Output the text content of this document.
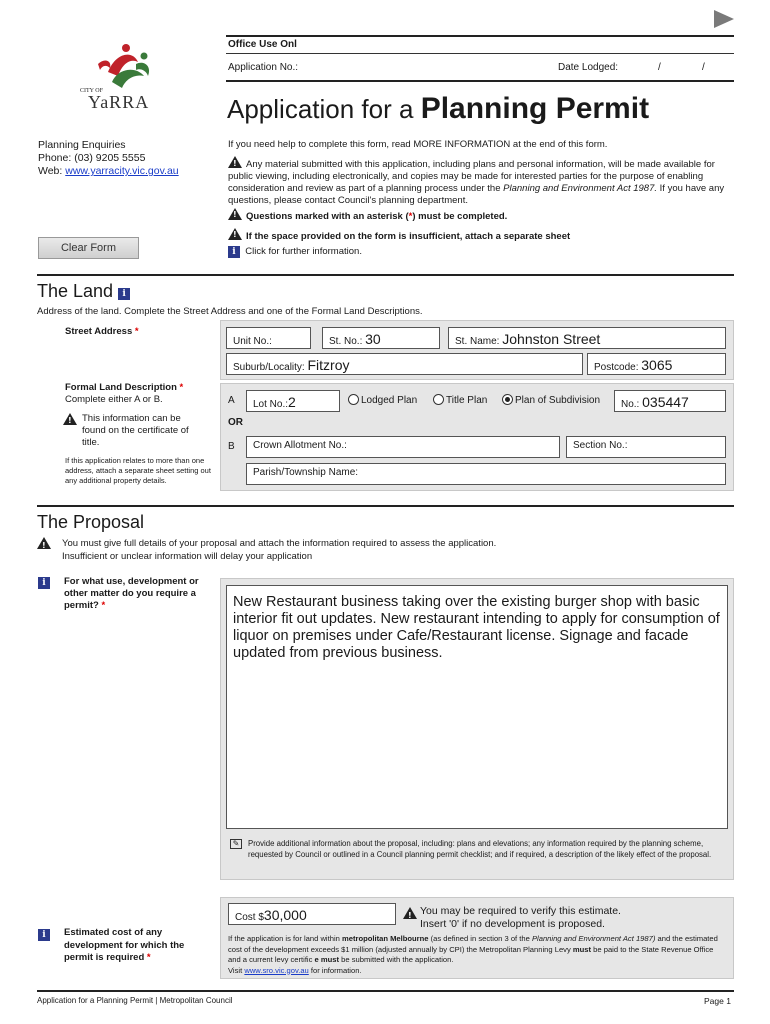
Office Use Onl
Application No.:	Date Lodged:	/	/
CITY OF
YaRRA	Application for a Planning Permit
Planning Enquiries
Phone: (03) 9205 5555
Web: www.yarracity.vic.gov.au
If you need help to complete this form, read MORE INFORMATION at the end of this form.
!Any material submitted with this application, including plans and personal information, will be made available for public viewing, including electronically, and copies may be made for interested parties for the purpose of enabling consideration and review as part of a planning process under the Planning and Environment Act 1987. If you have any questions, please contact Council's planning department.
!Questions marked with an asterisk (*) must be completed.
!If the space provided on the form is insufficient, attach a separate sheet
i Click for further information.
Clear Form
The Land i
Address of the land. Complete the Street Address and one of the Formal Land Descriptions.
Street Address *
Unit No.:	St. No.: 30	St. Name: Johnston Street
Suburb/Locality: Fitzroy	Postcode: 3065
Formal Land Description *
Complete either A or B.
!
This information can be found on the certificate of title.
If this application relates to more than one address, attach a separate sheet setting out any additional property details.
A	Lot No.:2	Lodged Plan	Title Plan	Plan of Subdivision	No.: 035447
OR
B	Crown Allotment No.:	Section No.:
Parish/Township Name:
The Proposal
!
You must give full details of your proposal and attach the information required to assess the application.
Insufficient or unclear information will delay your application
i	For what use, development or other matter do you require a permit? *	New Restaurant business taking over the existing burger shop with basic interior fit out updates. New restaurant intending to apply for consumption of liquor on premises under Cafe/Restaurant license. Signage and facade updated from previous business.
✎	Provide additional information about the proposal, including: plans and elevations; any information required by the planning scheme, requested by Council or outlined in a Council planning permit checklist; and if required, a description of the likely effect of the proposal.
i	Estimated cost of any development for which the permit is required *
Cost $30,000
!	You may be required to verify this estimate.
Insert '0' if no development is proposed.
If the application is for land within metropolitan Melbourne (as defined in section 3 of the Planning and Environment Act 1987) and the estimated cost of the development exceeds $1 million (adjusted annually by CPI) the Metropolitan Planning Levy must be paid to the State Revenue Office and a current levy certific e must be submitted with the application.
Visit www.sro.vic.gov.au for information.
Application for a Planning Permit | Metropolitan Council	Page 1
